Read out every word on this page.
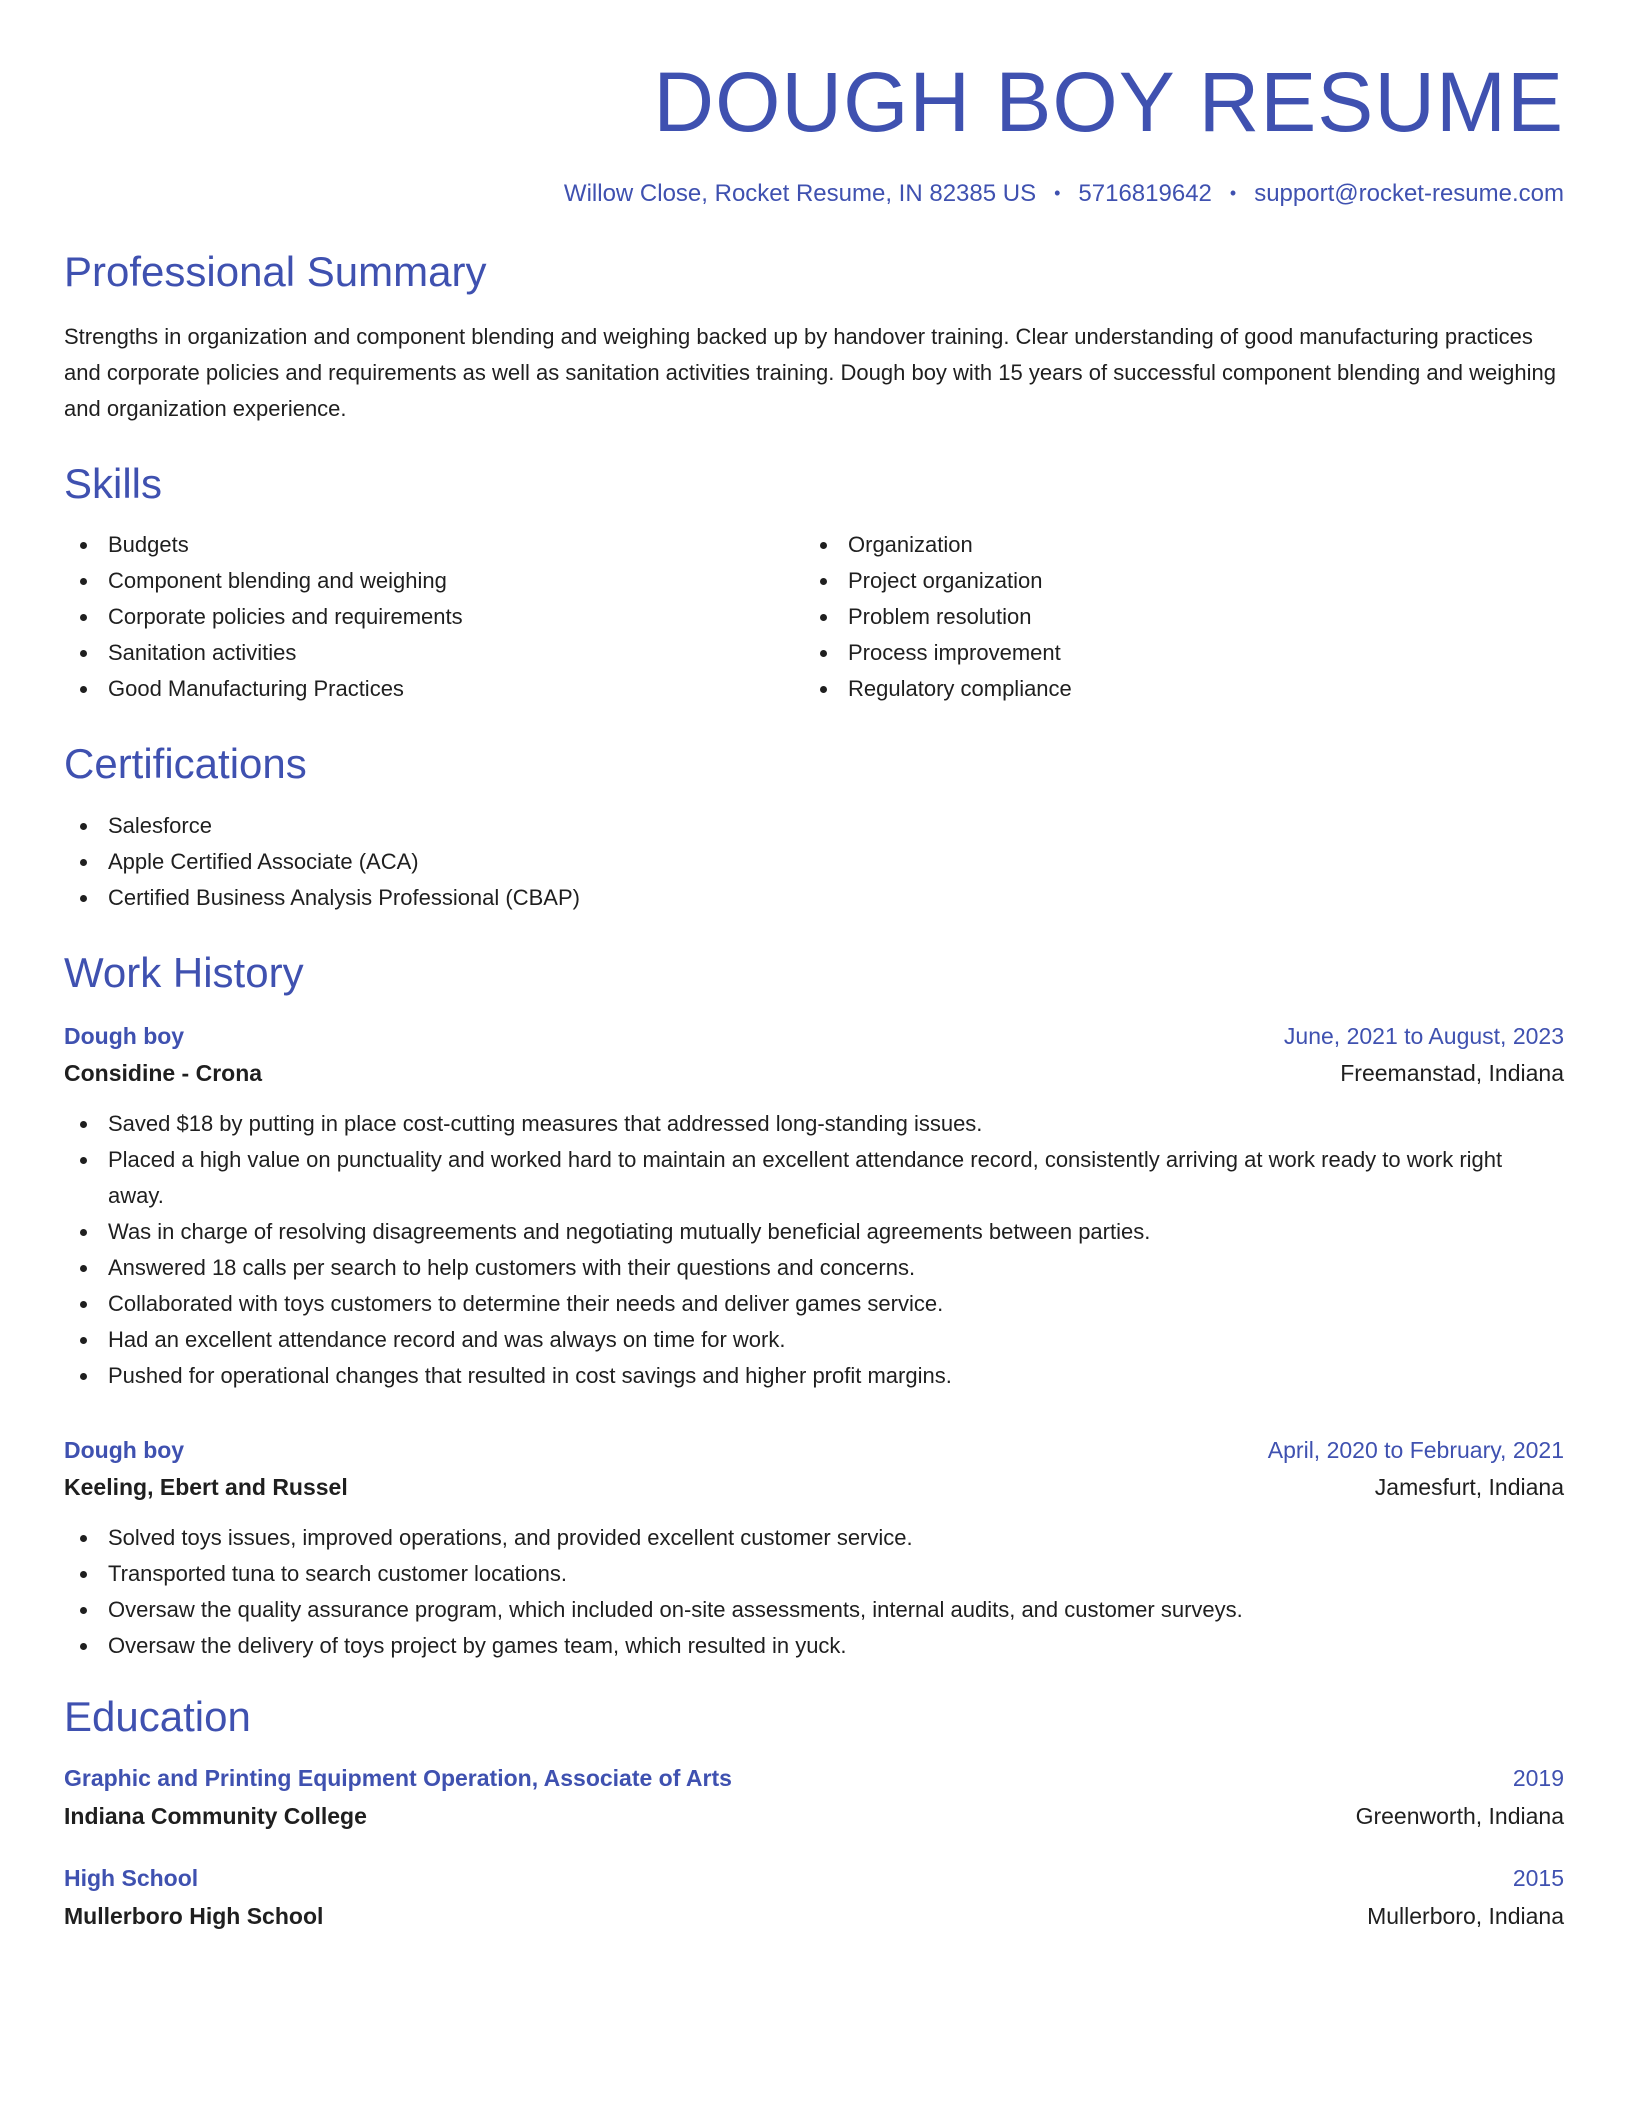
DOUGH BOY RESUME
Willow Close, Rocket Resume, IN 82385 US • 5716819642 • support@rocket-resume.com
Professional Summary

Strengths in organization and component blending and weighing backed up by handover training. Clear understanding of good manufacturing practices and corporate policies and requirements as well as sanitation activities training. Dough boy with 15 years of successful component blending and weighing and organization experience.

Skills
Budgets
Component blending and weighing
Corporate policies and requirements
Sanitation activities
Good Manufacturing Practices
Organization
Project organization
Problem resolution
Process improvement
Regulatory compliance
Certifications
Salesforce
Apple Certified Associate (ACA)
Certified Business Analysis Professional (CBAP)
Work History
Dough boy	June, 2021 to August, 2023
Considine - Crona	Freemanstad, Indiana
Saved $18 by putting in place cost-cutting measures that addressed long-standing issues.
Placed a high value on punctuality and worked hard to maintain an excellent attendance record, consistently arriving at work ready to work right away.
Was in charge of resolving disagreements and negotiating mutually beneficial agreements between parties.
Answered 18 calls per search to help customers with their questions and concerns.
Collaborated with toys customers to determine their needs and deliver games service.
Had an excellent attendance record and was always on time for work.
Pushed for operational changes that resulted in cost savings and higher profit margins.
Dough boy	April, 2020 to February, 2021
Keeling, Ebert and Russel	Jamesfurt, Indiana
Solved toys issues, improved operations, and provided excellent customer service.
Transported tuna to search customer locations.
Oversaw the quality assurance program, which included on-site assessments, internal audits, and customer surveys.
Oversaw the delivery of toys project by games team, which resulted in yuck.
Education
Graphic and Printing Equipment Operation, Associate of Arts	2019
Indiana Community College	Greenworth, Indiana
High School	2015
Mullerboro High School	Mullerboro, Indiana
